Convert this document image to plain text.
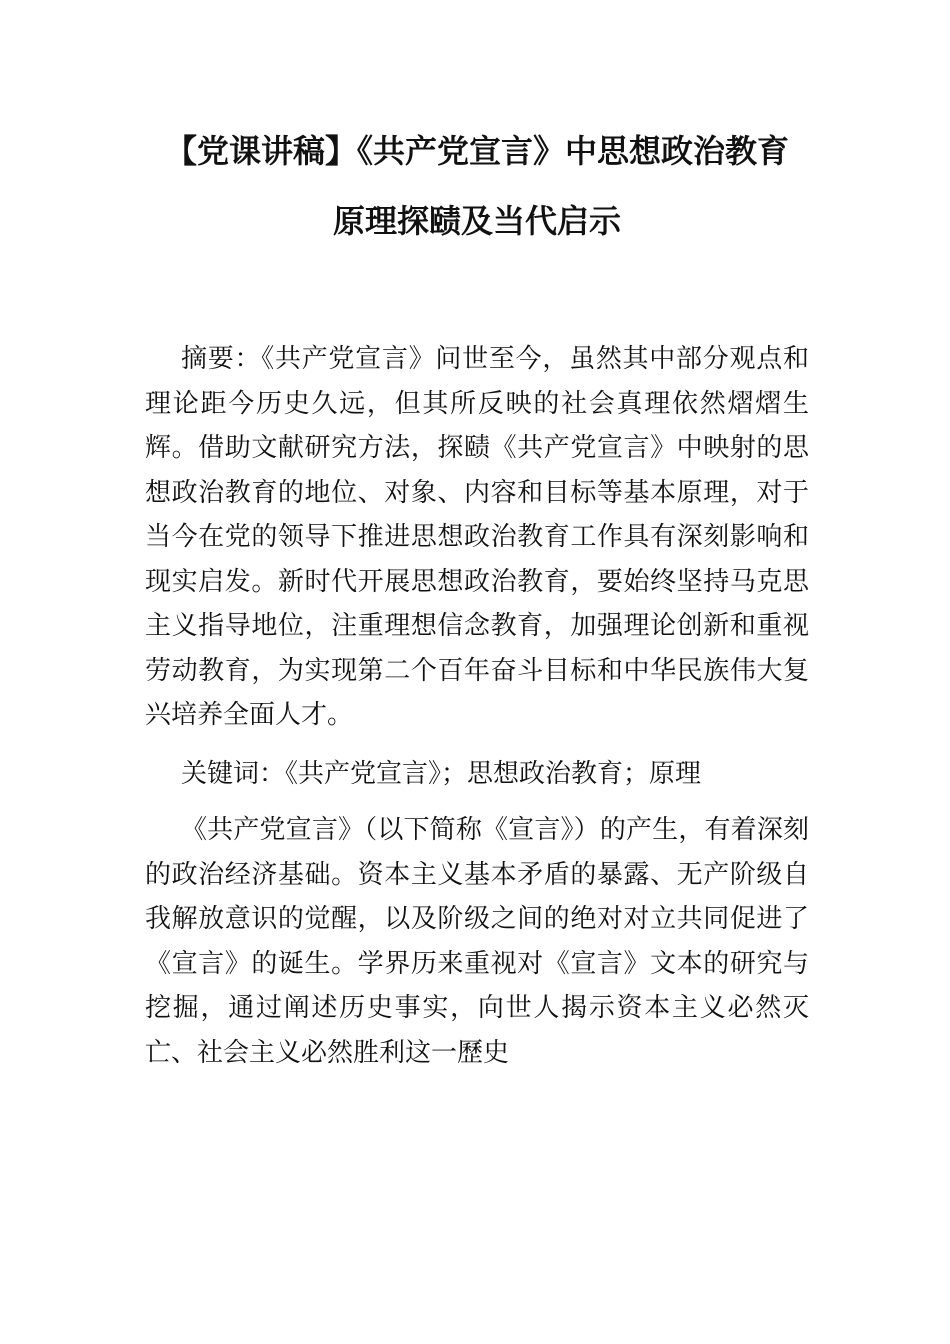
【党课讲稿】《共产党宣言》中思想政治教育
原理探赜及当代启示

摘要：《共产党宣言》问世至今，虽然其中部分观点和理论距今历史久远，但其所反映的社会真理依然熠熠生辉。借助文献研究方法，探赜《共产党宣言》中映射的思想政治教育的地位、对象、内容和目标等基本原理，对于当今在党的领导下推进思想政治教育工作具有深刻影响和现实启发。新时代开展思想政治教育，要始终坚持马克思主义指导地位，注重理想信念教育，加强理论创新和重视劳动教育，为实现第二个百年奋斗目标和中华民族伟大复兴培养全面人才。

关键词：《共产党宣言》；思想政治教育；原理

《共产党宣言》（以下简称《宣言》）的产生，有着深刻的政治经济基础。资本主义基本矛盾的暴露、无产阶级自我解放意识的觉醒，以及阶级之间的绝对对立共同促进了《宣言》的诞生。学界历来重视对《宣言》文本的研究与挖掘，通过阐述历史事实，向世人揭示资本主义必然灭亡、社会主义必然胜利这一歷史
